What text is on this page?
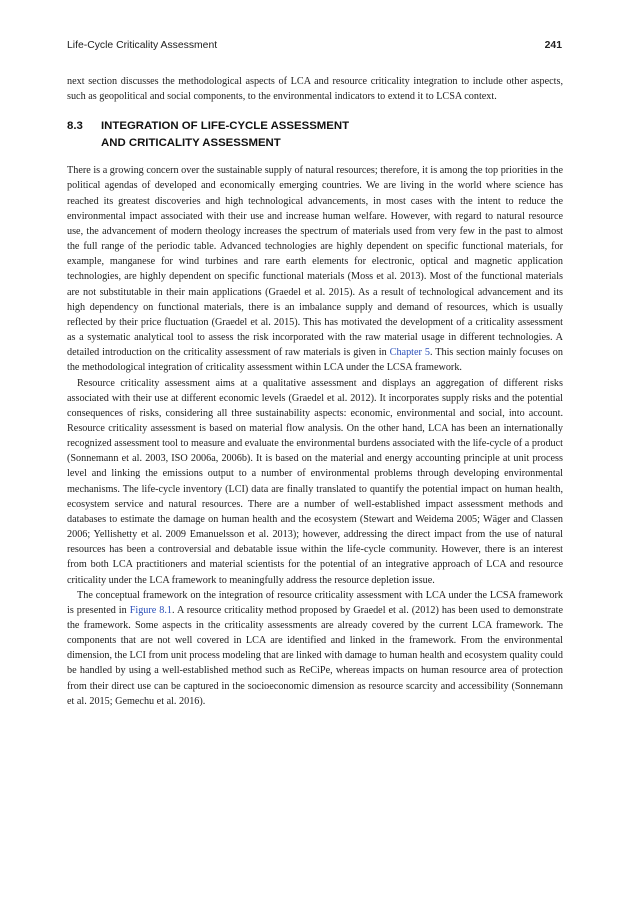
Life-Cycle Criticality Assessment	241

next section discusses the methodological aspects of LCA and resource criticality integration to include other aspects, such as geopolitical and social components, to the environmental indicators to extend it to LCSA context.

8.3	INTEGRATION OF LIFE-CYCLE ASSESSMENT
AND CRITICALITY ASSESSMENT

There is a growing concern over the sustainable supply of natural resources; therefore, it is among the top priorities in the political agendas of developed and economically emerging countries. We are living in the world where science has reached its greatest discoveries and high technological advancements, in most cases with the intent to reduce the environmental impact associated with their use and increase human welfare. However, with regard to natural resource use, the advancement of modern theology increases the spectrum of materials used from very few in the past to almost the full range of the periodic table. Advanced technologies are highly dependent on specific functional materials, for example, manganese for wind turbines and rare earth elements for electronic, optical and magnetic application technologies, are highly dependent on specific functional materials (Moss et al. 2013). Most of the functional materials are not substitutable in their main applications (Graedel et al. 2015). As a result of technological advancement and its high dependency on functional materials, there is an imbalance supply and demand of resources, which is usually reflected by their price fluctuation (Graedel et al. 2015). This has motivated the development of a criticality assessment as a systematic analytical tool to assess the risk incorporated with the raw material usage in different technologies. A detailed introduction on the criticality assessment of raw materials is given in Chapter 5. This section mainly focuses on the methodological integration of criticality assessment within LCA under the LCSA framework.

Resource criticality assessment aims at a qualitative assessment and displays an aggregation of different risks associated with their use at different economic levels (Graedel et al. 2012). It incorporates supply risks and the potential consequences of risks, considering all three sustainability aspects: economic, environmental and social, into account. Resource criticality assessment is based on material flow analysis. On the other hand, LCA has been an internationally recognized assessment tool to measure and evaluate the environmental burdens associated with the life-cycle of a product (Sonnemann et al. 2003, ISO 2006a, 2006b). It is based on the material and energy accounting principle at unit process level and linking the emissions output to a number of environmental problems through developing environmental mechanisms. The life-cycle inventory (LCI) data are finally translated to quantify the potential impact on human health, ecosystem service and natural resources. There are a number of well-established impact assessment methods and databases to estimate the damage on human health and the ecosystem (Stewart and Weidema 2005; Wäger and Classen 2006; Yellishetty et al. 2009 Emanuelsson et al. 2013); however, addressing the direct impact from the use of natural resources has been a controversial and debatable issue within the life-cycle community. However, there is an interest from both LCA practitioners and material scientists for the potential of an integrative approach of LCA and resource criticality under the LCA framework to meaningfully address the resource depletion issue.

The conceptual framework on the integration of resource criticality assessment with LCA under the LCSA framework is presented in Figure 8.1. A resource criticality method proposed by Graedel et al. (2012) has been used to demonstrate the framework. Some aspects in the criticality assessments are already covered by the current LCA framework. The components that are not well covered in LCA are identified and linked in the framework. From the environmental dimension, the LCI from unit process modeling that are linked with damage to human health and ecosystem quality could be handled by using a well-established method such as ReCiPe, whereas impacts on human resource area of protection from their direct use can be captured in the socioeconomic dimension as resource scarcity and accessibility (Sonnemann et al. 2015; Gemechu et al. 2016).
